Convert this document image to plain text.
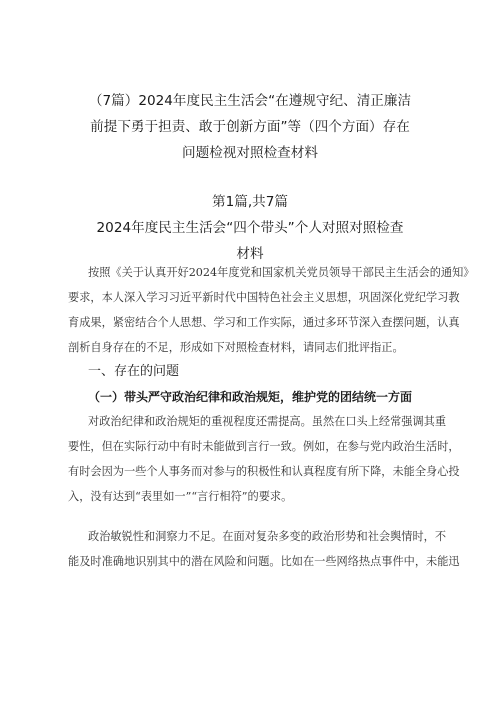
（7篇）2024年度民主生活会“在遵规守纪、清正廉洁
前提下勇于担责、敢于创新方面”等（四个方面）存在
问题检视对照检查材料
第1篇,共7篇
2024年度民主生活会“四个带头”个人对照对照检查
材料
按照《关于认真开好2024年度党和国家机关党员领导干部民主生活会的通知》
要求，本人深入学习习近平新时代中国特色社会主义思想，巩固深化党纪学习教
育成果，紧密结合个人思想、学习和工作实际，通过多环节深入查摆问题，认真
剖析自身存在的不足，形成如下对照检查材料，请同志们批评指正。
一、存在的问题
（一）带头严守政治纪律和政治规矩，维护党的团结统一方面
对政治纪律和政治规矩的重视程度还需提高。虽然在口头上经常强调其重
要性，但在实际行动中有时未能做到言行一致。例如，在参与党内政治生活时，
有时会因为一些个人事务而对参与的积极性和认真程度有所下降，未能全身心投
入，没有达到“表里如一”“言行相符”的要求。
政治敏锐性和洞察力不足。在面对复杂多变的政治形势和社会舆情时，不
能及时准确地识别其中的潜在风险和问题。比如在一些网络热点事件中，未能迅
